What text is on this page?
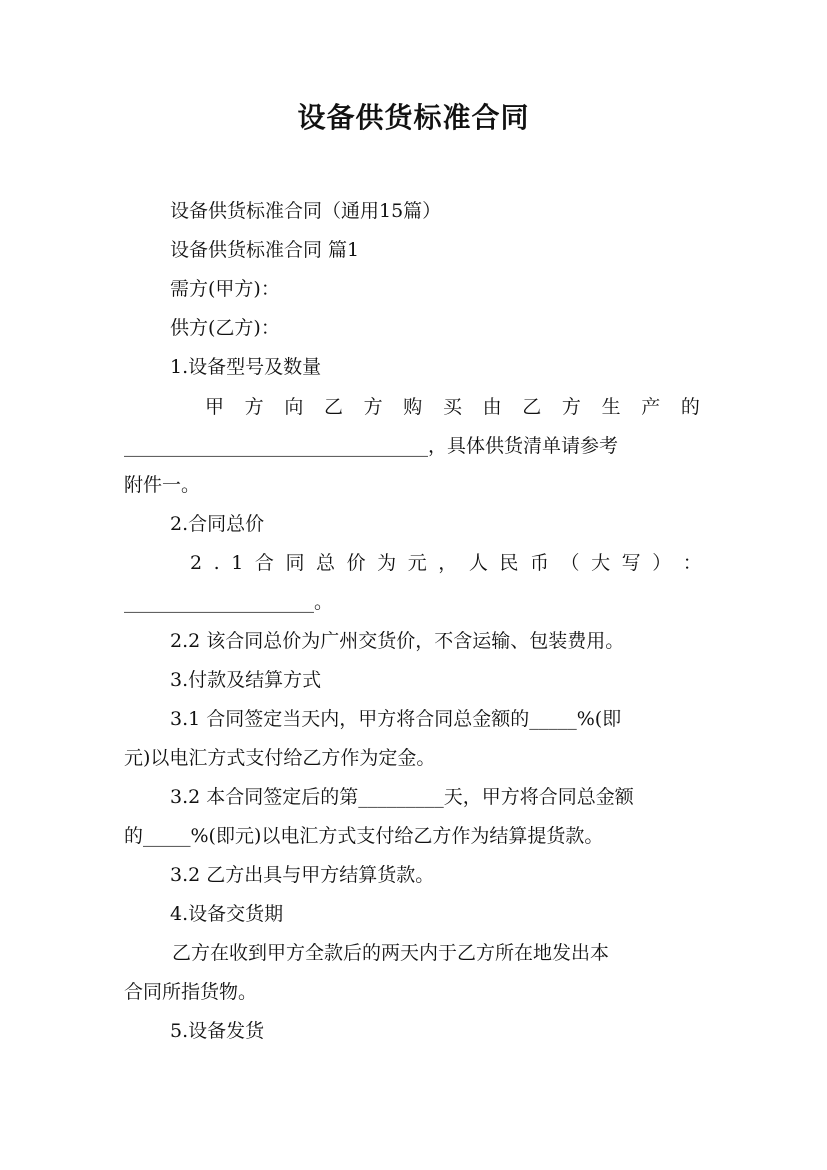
设备供货标准合同
设备供货标准合同（通用15篇）
设备供货标准合同 篇1
需方(甲方)：
供方(乙方)：
1.设备型号及数量
甲 方 向 乙 方 购 买 由 乙 方 生 产 的
________________________________，具体供货清单请参考
附件一。
2.合同总价
2 . 1 合 同 总 价 为 元 ， 人 民 币 （ 大 写 ） ：
____________________。
2.2 该合同总价为广州交货价，不含运输、包装费用。
3.付款及结算方式
3.1 合同签定当天内，甲方将合同总金额的_____%(即
元)以电汇方式支付给乙方作为定金。
3.2 本合同签定后的第_________天，甲方将合同总金额
的_____%(即元)以电汇方式支付给乙方作为结算提货款。
3.2 乙方出具与甲方结算货款。
4.设备交货期
乙方在收到甲方全款后的两天内于乙方所在地发出本
合同所指货物。
5.设备发货
